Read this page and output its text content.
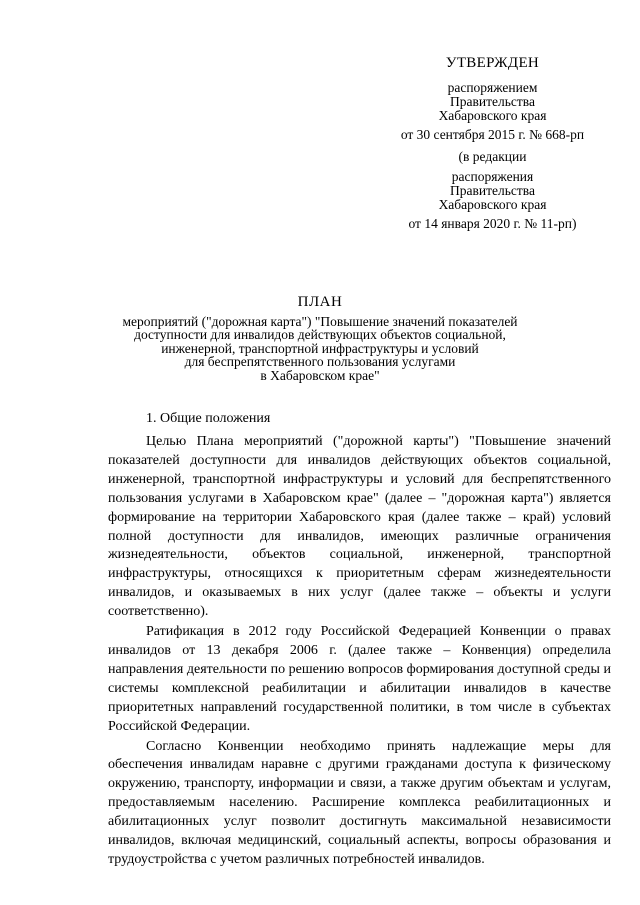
УТВЕРЖДЕН
распоряжением
Правительства
Хабаровского края
от 30 сентября 2015 г. № 668-рп
(в редакции
распоряжения
Правительства
Хабаровского края
от 14 января 2020 г. № 11-рп)
ПЛАН
мероприятий ("дорожная карта") "Повышение значений показателей
доступности для инвалидов действующих объектов социальной,
инженерной, транспортной инфраструктуры и условий
для беспрепятственного пользования услугами
в Хабаровском крае"
1. Общие положения

Целью Плана мероприятий ("дорожной карты") "Повышение значений показателей доступности для инвалидов действующих объектов социальной, инженерной, транспортной инфраструктуры и условий для беспрепятственного пользования услугами в Хабаровском крае" (далее – "дорожная карта") является формирование на территории Хабаровского края (далее также – край) условий полной доступности для инвалидов, имеющих различные ограничения жизнедеятельности, объектов социальной, инженерной, транспортной инфраструктуры, относящихся к приоритетным сферам жизнедеятельности инвалидов, и оказываемых в них услуг (далее также – объекты и услуги соответственно).

Ратификация в 2012 году Российской Федерацией Конвенции о правах инвалидов от 13 декабря 2006 г. (далее также – Конвенция) определила направления деятельности по решению вопросов формирования доступной среды и системы комплексной реабилитации и абилитации инвалидов в качестве приоритетных направлений государственной политики, в том числе в субъектах Российской Федерации.

Согласно Конвенции необходимо принять надлежащие меры для обеспечения инвалидам наравне с другими гражданами доступа к физическому окружению, транспорту, информации и связи, а также другим объектам и услугам, предоставляемым населению. Расширение комплекса реабилитационных и абилитационных услуг позволит достигнуть максимальной независимости инвалидов, включая медицинский, социальный аспекты, вопросы образования и трудоустройства с учетом различных потребностей инвалидов.
